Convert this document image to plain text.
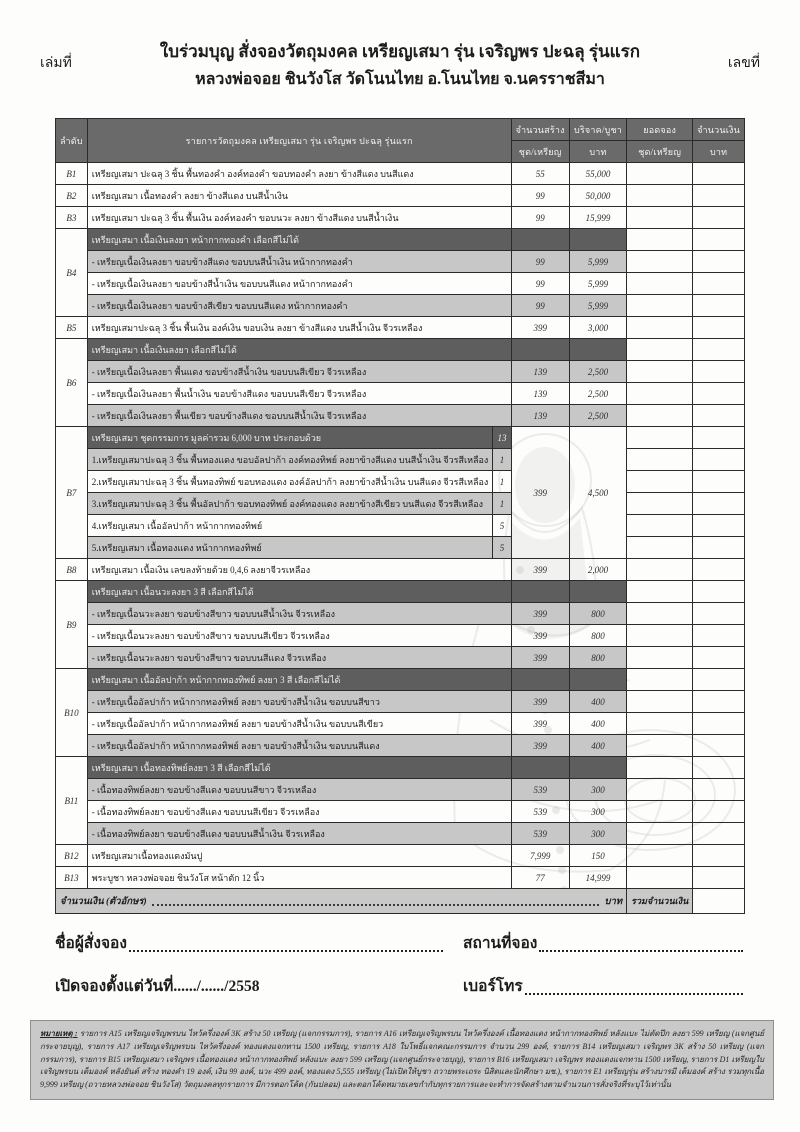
เล่มที่
ใบร่วมบุญ สั่งจองวัตถุมงคล เหรียญเสมา รุ่น เจริญพร ปะฉลุ รุ่นแรก
หลวงพ่อจอย ชินวังโส วัดโนนไทย อ.โนนไทย จ.นครราชสีมา
เลขที่
ลำดับ	รายการวัตถุมงคล เหรียญเสมา รุ่น เจริญพร ปะฉลุ รุ่นแรก		จำนวนสร้าง	บริจาค/บูชา	ยอดจอง	จำนวนเงิน
			ชุด/เหรียญ	บาท	ชุด/เหรียญ	บาท
B1	เหรียญเสมา ปะฉลุ 3 ชิ้น พื้นทองคำ องค์ทองคำ ขอบทองคำ ลงยา ข้างสีแดง บนสีแดง		55	55,000		
B2	เหรียญเสมา เนื้อทองคำ ลงยา ข้างสีแดง บนสีน้ำเงิน		99	50,000		
B3	เหรียญเสมา ปะฉลุ 3 ชิ้น พื้นเงิน องค์ทองคำ ขอบนวะ ลงยา ข้างสีแดง บนสีน้ำเงิน		99	15,999		
B4	เหรียญเสมา เนื้อเงินลงยา หน้ากากทองคำ เลือกสีไม่ได้					
	- เหรียญเนื้อเงินลงยา ขอบข้างสีแดง ขอบบนสีน้ำเงิน หน้ากากทองคำ		99	5,999		
	- เหรียญเนื้อเงินลงยา ขอบข้างสีน้ำเงิน ขอบบนสีแดง หน้ากากทองคำ		99	5,999		
	- เหรียญเนื้อเงินลงยา ขอบข้างสีเขียว ขอบบนสีแดง หน้ากากทองคำ		99	5,999		
B5	เหรียญเสมาปะฉลุ 3 ชิ้น พื้นเงิน องค์เงิน ขอบเงิน ลงยา ข้างสีแดง บนสีน้ำเงิน จีวรเหลือง		399	3,000		
B6	เหรียญเสมา เนื้อเงินลงยา เลือกสีไม่ได้					
	- เหรียญเนื้อเงินลงยา พื้นแดง ขอบข้างสีน้ำเงิน ขอบบนสีเขียว จีวรเหลือง		139	2,500		
	- เหรียญเนื้อเงินลงยา พื้นน้ำเงิน ขอบข้างสีแดง ขอบบนสีเขียว จีวรเหลือง		139	2,500		
	- เหรียญเนื้อเงินลงยา พื้นเขียว ขอบข้างสีแดง ขอบบนสีน้ำเงิน จีวรเหลือง		139	2,500		
B7	เหรียญเสมา ชุดกรรมการ มูลค่ารวม 6,000 บาท ประกอบด้วย	13	399	4,500		
	1.เหรียญเสมาปะฉลุ 3 ชิ้น พื้นทองแดง ขอบอัลปาก้า องค์ทองทิพย์ ลงยาข้างสีแดง บนสีน้ำเงิน จีวรสีเหลือง	1				
	2.เหรียญเสมาปะฉลุ 3 ชิ้น พื้นทองทิพย์ ขอบทองแดง องค์อัลปาก้า ลงยาข้างสีน้ำเงิน บนสีแดง จีวรสีเหลือง	1				
	3.เหรียญเสมาปะฉลุ 3 ชิ้น พื้นอัลปาก้า ขอบทองทิพย์ องค์ทองแดง ลงยาข้างสีเขียว บนสีแดง จีวรสีเหลือง	1				
	4.เหรียญเสมา เนื้ออัลปาก้า หน้ากากทองทิพย์	5				
	5.เหรียญเสมา เนื้อทองแดง หน้ากากทองทิพย์	5				
B8	เหรียญเสมา เนื้อเงิน เลขลงท้ายด้วย 0,4,6 ลงยาจีวรเหลือง		399	2,000		
B9	เหรียญเสมา เนื้อนวะลงยา 3 สี เลือกสีไม่ได้					
	- เหรียญเนื้อนวะลงยา ขอบข้างสีขาว ขอบบนสีน้ำเงิน จีวรเหลือง		399	800		
	- เหรียญเนื้อนวะลงยา ขอบข้างสีขาว ขอบบนสีเขียว จีวรเหลือง		399	800		
	- เหรียญเนื้อนวะลงยา ขอบข้างสีขาว ขอบบนสีแดง จีวรเหลือง		399	800		
B10	เหรียญเสมา เนื้ออัลปาก้า หน้ากากทองทิพย์ ลงยา 3 สี เลือกสีไม่ได้					
	- เหรียญเนื้ออัลปาก้า หน้ากากทองทิพย์ ลงยา ขอบข้างสีน้ำเงิน ขอบบนสีขาว		399	400		
	- เหรียญเนื้ออัลปาก้า หน้ากากทองทิพย์ ลงยา ขอบข้างสีน้ำเงิน ขอบบนสีเขียว		399	400		
	- เหรียญเนื้ออัลปาก้า หน้ากากทองทิพย์ ลงยา ขอบข้างสีน้ำเงิน ขอบบนสีแดง		399	400		
B11	เหรียญเสมา เนื้อทองทิพย์ลงยา 3 สี เลือกสีไม่ได้					
	- เนื้อทองทิพย์ลงยา ขอบข้างสีแดง ขอบบนสีขาว จีวรเหลือง		539	300		
	- เนื้อทองทิพย์ลงยา ขอบข้างสีแดง ขอบบนสีเขียว จีวรเหลือง		539	300		
	- เนื้อทองทิพย์ลงยา ขอบข้างสีแดง ขอบบนสีน้ำเงิน จีวรเหลือง		539	300		
B12	เหรียญเสมาเนื้อทองแดงมันปู		7,999	150		
B13	พระบูชา หลวงพ่อจอย ชินวังโส หน้าตัก 12 นิ้ว		77	14,999		

จำนวนเงิน (ตัวอักษร) บาท					รวมจำนวนเงิน	
ชื่อผู้สั่งจอง	สถานที่จอง
เปิดจองตั้งแต่วันที่....../....../2558	เบอร์โทร
หมายเหตุ : รายการ A15 เหรียญเจริญพรบน ไหว้ครึ่งองค์ 3K สร้าง 50 เหรียญ (แจกกรรมการ), รายการ A16 เหรียญเจริญพรบน ไหว้ครึ่งองค์ เนื้อทองแดง หน้ากากทองทิพย์ หลังแบะ ไม่ตัดปีก ลงยา 599 เหรียญ (แจกศูนย์กระจายบุญ), รายการ A17 เหรียญเจริญพรบน ไหว้ครึ่งองค์ ทองแดงแจกทาน 1500 เหรียญ, รายการ A18 ใบโพธิ์แจกคณะกรรมการ จำนวน 299 องค์, รายการ B14 เหรียญเสมา เจริญพร 3K สร้าง 50 เหรียญ (แจกกรรมการ), รายการ B15 เหรียญเสมา เจริญพร เนื้อทองแดง หน้ากากทองทิพย์ หลังแบะ ลงยา 599 เหรียญ (แจกศูนย์กระจายบุญ), รายการ B16 เหรียญเสมา เจริญพร ทองแดงแจกทาน 1500 เหรียญ, รายการ D1 เหรียญใบเจริญพรบน เต็มองค์ หลังยันต์ สร้าง ทองคำ 19 องค์, เงิน 99 องค์, นวะ 499 องค์, ทองแดง 5,555 เหรียญ (ไม่เปิดให้บูชา ถวายพระเถระ นิสิตและนักศึกษา มช.), รายการ E1 เหรียญรุ่น สร้างบารมี เต็มองค์ สร้าง รวมทุกเนื้อ 9,999 เหรียญ (ถวายหลวงพ่อจอย ชินวังโส) วัตถุมงคลทุกรายการ มีการตอกโค้ด (กันปลอม) และตอกโค้ดหมายเลขกำกับทุกรายการและจะทำการจัดสร้างตามจำนวนการสั่งจริงที่ระบุไว้เท่านั้น
